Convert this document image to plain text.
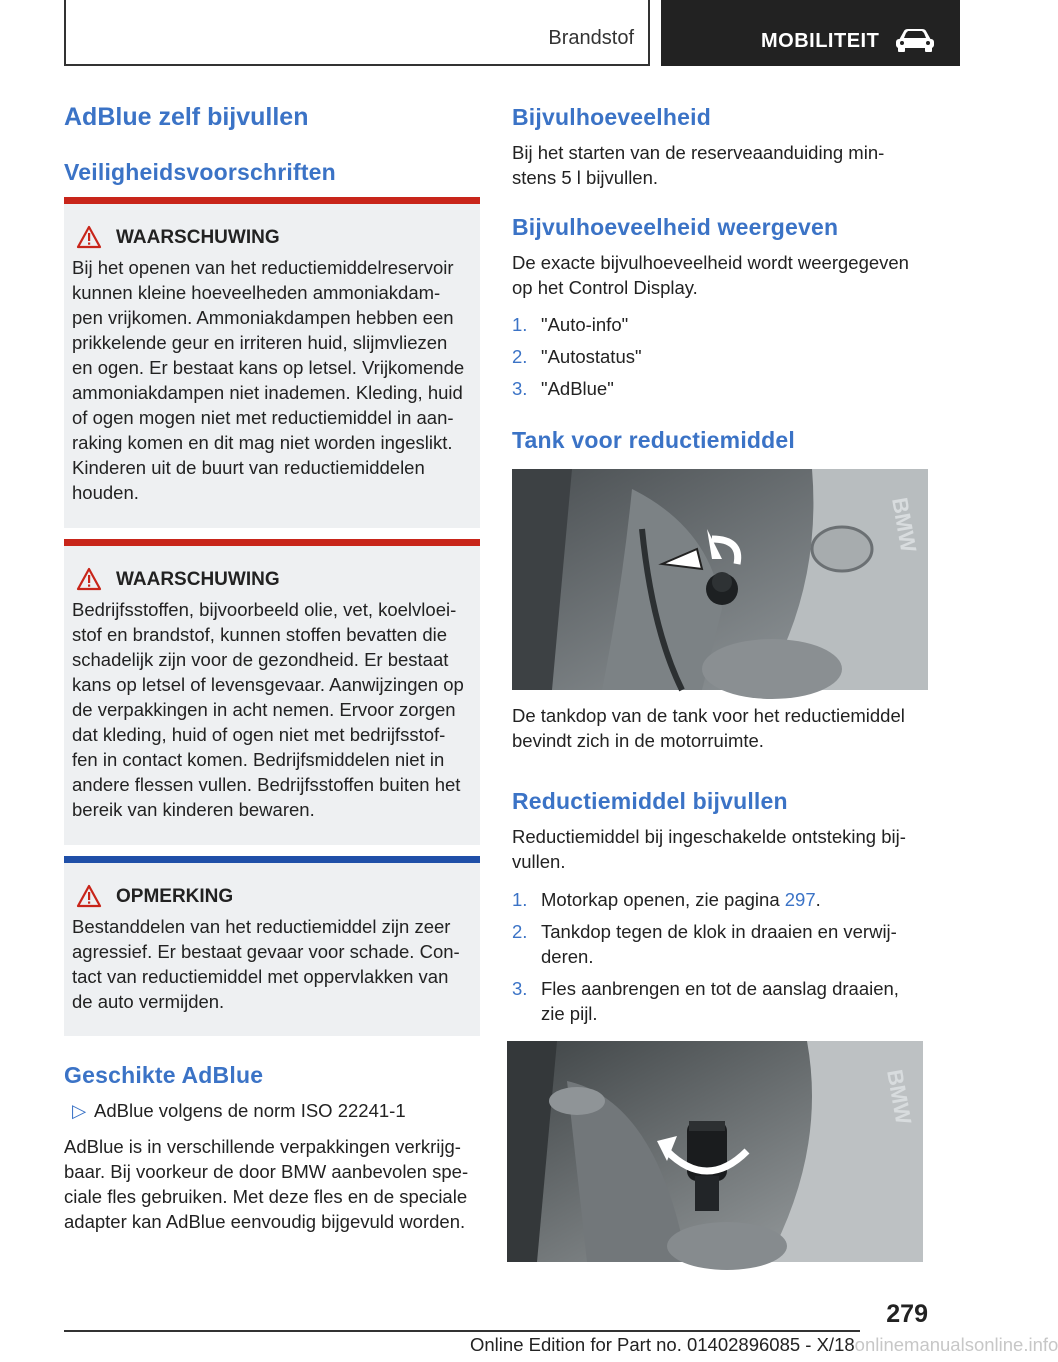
Brandstof	MOBILITEIT
AdBlue zelf bijvullen
Veiligheidsvoorschriften
WAARSCHUWING
Bij het openen van het reductiemiddelreservoir
kunnen kleine hoeveelheden ammoniakdam-
pen vrijkomen. Ammoniakdampen hebben een
prikkelende geur en irriteren huid, slijmvliezen
en ogen. Er bestaat kans op letsel. Vrijkomende
ammoniakdampen niet inademen. Kleding, huid
of ogen mogen niet met reductiemiddel in aan-
raking komen en dit mag niet worden ingeslikt.
Kinderen uit de buurt van reductiemiddelen
houden.
WAARSCHUWING
Bedrijfsstoffen, bijvoorbeeld olie, vet, koelvloei-
stof en brandstof, kunnen stoffen bevatten die
schadelijk zijn voor de gezondheid. Er bestaat
kans op letsel of levensgevaar. Aanwijzingen op
de verpakkingen in acht nemen. Ervoor zorgen
dat kleding, huid of ogen niet met bedrijfsstof-
fen in contact komen. Bedrijfsmiddelen niet in
andere flessen vullen. Bedrijfsstoffen buiten het
bereik van kinderen bewaren.
OPMERKING
Bestanddelen van het reductiemiddel zijn zeer
agressief. Er bestaat gevaar voor schade. Con-
tact van reductiemiddel met oppervlakken van
de auto vermijden.
Geschikte AdBlue
▷ AdBlue volgens de norm ISO 22241-1
AdBlue is in verschillende verpakkingen verkrijg-
baar. Bij voorkeur de door BMW aanbevolen spe-
ciale fles gebruiken. Met deze fles en de speciale
adapter kan AdBlue eenvoudig bijgevuld worden.
Bijvulhoeveelheid
Bij het starten van de reserveaanduiding min-
stens 5 l bijvullen.
Bijvulhoeveelheid weergeven
De exacte bijvulhoeveelheid wordt weergegeven
op het Control Display.
1. "Auto-info"
2. "Autostatus"
3. "AdBlue"
Tank voor reductiemiddel
BMW
De tankdop van de tank voor het reductiemiddel
bevindt zich in de motorruimte.
Reductiemiddel bijvullen
Reductiemiddel bij ingeschakelde ontsteking bij-
vullen.
1. Motorkap openen, zie pagina 297.
2. Tankdop tegen de klok in draaien en verwij-
deren.
3. Fles aanbrengen en tot de aanslag draaien,
zie pijl.
BMW
279
Online Edition for Part no. 01402896085 - X/18onlinemanualsonline.info
